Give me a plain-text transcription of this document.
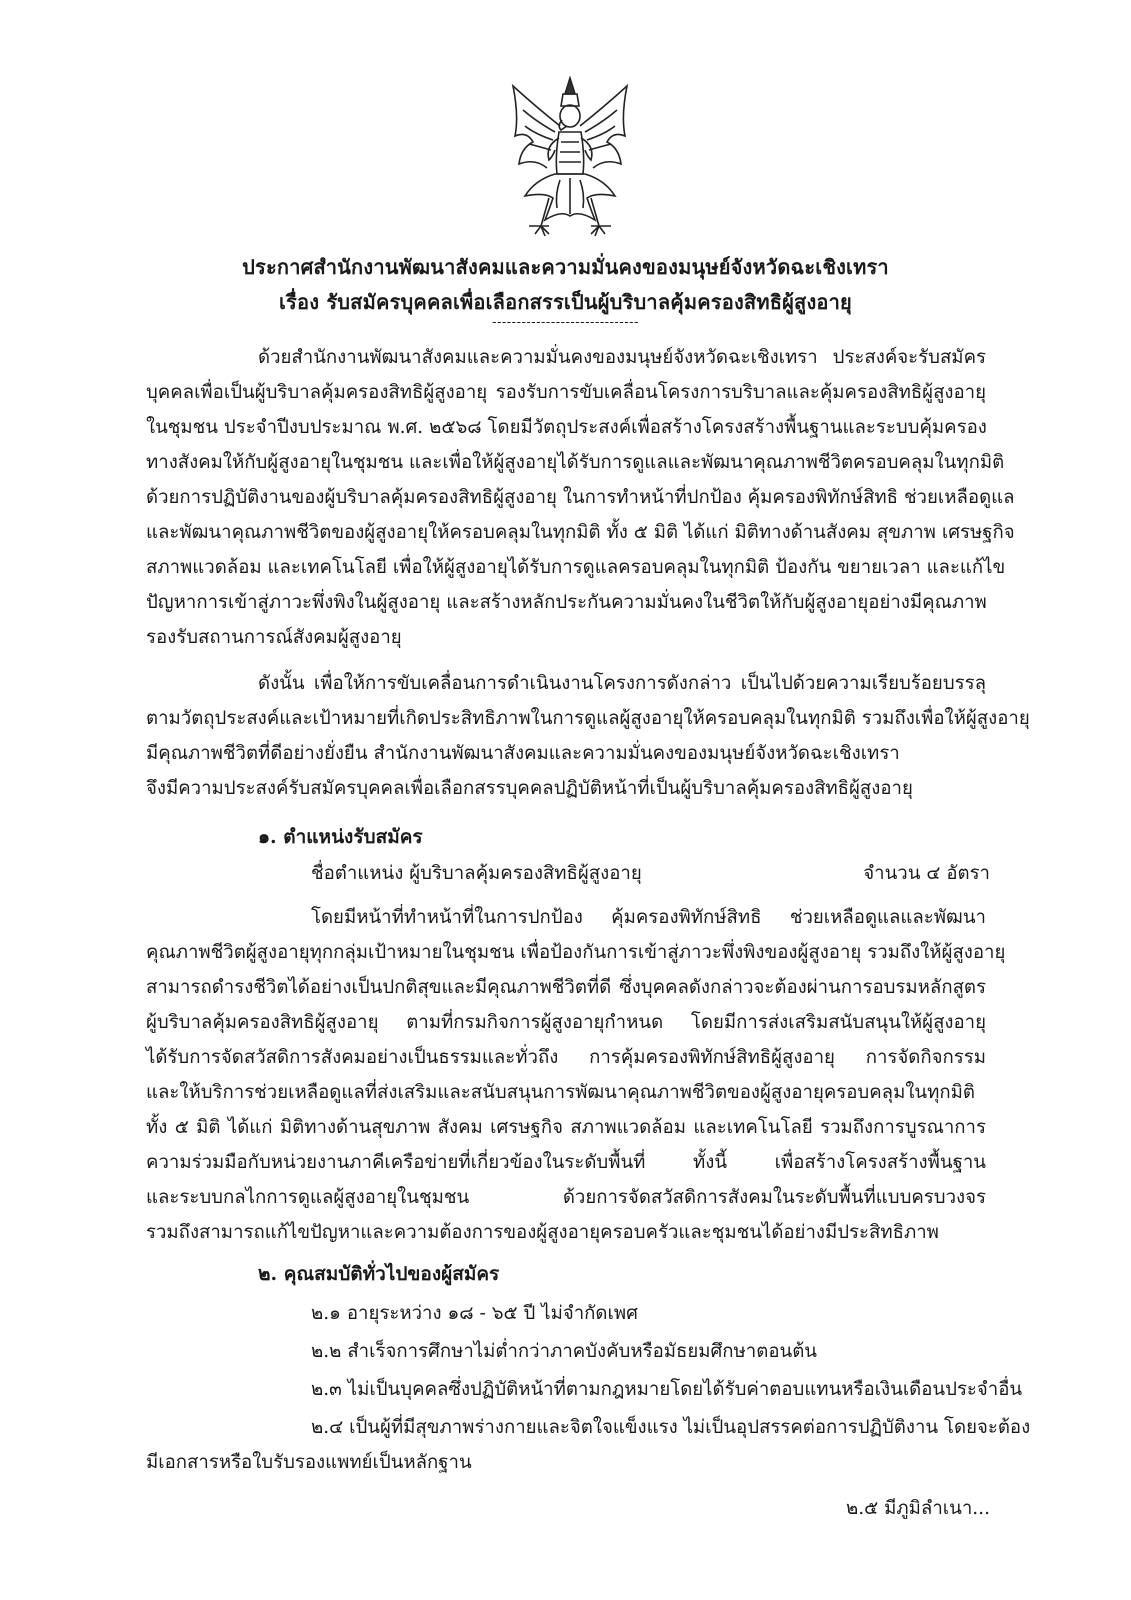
ประกาศสำนักงานพัฒนาสังคมและความมั่นคงของมนุษย์จังหวัดฉะเชิงเทรา
เรื่อง รับสมัครบุคคลเพื่อเลือกสรรเป็นผู้บริบาลคุ้มครองสิทธิผู้สูงอายุ
------------------------------
ด้วยสำนักงานพัฒนาสังคมและความมั่นคงของมนุษย์จังหวัดฉะเชิงเทรา ประสงค์จะรับสมัคร
บุคคลเพื่อเป็นผู้บริบาลคุ้มครองสิทธิผู้สูงอายุ รองรับการขับเคลื่อนโครงการบริบาลและคุ้มครองสิทธิผู้สูงอายุ
ในชุมชน ประจำปีงบประมาณ พ.ศ. ๒๕๖๘ โดยมีวัตถุประสงค์เพื่อสร้างโครงสร้างพื้นฐานและระบบคุ้มครอง
ทางสังคมให้กับผู้สูงอายุในชุมชน และเพื่อให้ผู้สูงอายุได้รับการดูแลและพัฒนาคุณภาพชีวิตครอบคลุมในทุกมิติ
ด้วยการปฏิบัติงานของผู้บริบาลคุ้มครองสิทธิผู้สูงอายุ ในการทำหน้าที่ปกป้อง คุ้มครองพิทักษ์สิทธิ ช่วยเหลือดูแล
และพัฒนาคุณภาพชีวิตของผู้สูงอายุให้ครอบคลุมในทุกมิติ ทั้ง ๕ มิติ ได้แก่ มิติทางด้านสังคม สุขภาพ เศรษฐกิจ
สภาพแวดล้อม และเทคโนโลยี เพื่อให้ผู้สูงอายุได้รับการดูแลครอบคลุมในทุกมิติ ป้องกัน ขยายเวลา และแก้ไข
ปัญหาการเข้าสู่ภาวะพึ่งพิงในผู้สูงอายุ และสร้างหลักประกันความมั่นคงในชีวิตให้กับผู้สูงอายุอย่างมีคุณภาพ
รองรับสถานการณ์สังคมผู้สูงอายุ
ดังนั้น เพื่อให้การขับเคลื่อนการดำเนินงานโครงการดังกล่าว เป็นไปด้วยความเรียบร้อยบรรลุ
ตามวัตถุประสงค์และเป้าหมายที่เกิดประสิทธิภาพในการดูแลผู้สูงอายุให้ครอบคลุมในทุกมิติ รวมถึงเพื่อให้ผู้สูงอายุ
มีคุณภาพชีวิตที่ดีอย่างยั่งยืน สำนักงานพัฒนาสังคมและความมั่นคงของมนุษย์จังหวัดฉะเชิงเทรา
จึงมีความประสงค์รับสมัครบุคคลเพื่อเลือกสรรบุคคลปฏิบัติหน้าที่เป็นผู้บริบาลคุ้มครองสิทธิผู้สูงอายุ
๑. ตำแหน่งรับสมัคร
ชื่อตำแหน่ง ผู้บริบาลคุ้มครองสิทธิผู้สูงอายุ	จำนวน ๔ อัตรา
โดยมีหน้าที่ทำหน้าที่ในการปกป้อง คุ้มครองพิทักษ์สิทธิ ช่วยเหลือดูแลและพัฒนา
คุณภาพชีวิตผู้สูงอายุทุกกลุ่มเป้าหมายในชุมชน เพื่อป้องกันการเข้าสู่ภาวะพึ่งพิงของผู้สูงอายุ รวมถึงให้ผู้สูงอายุ
สามารถดำรงชีวิตได้อย่างเป็นปกติสุขและมีคุณภาพชีวิตที่ดี ซึ่งบุคคลดังกล่าวจะต้องผ่านการอบรมหลักสูตร
ผู้บริบาลคุ้มครองสิทธิผู้สูงอายุ ตามที่กรมกิจการผู้สูงอายุกำหนด โดยมีการส่งเสริมสนับสนุนให้ผู้สูงอายุ
ได้รับการจัดสวัสดิการสังคมอย่างเป็นธรรมและทั่วถึง การคุ้มครองพิทักษ์สิทธิผู้สูงอายุ การจัดกิจกรรม
และให้บริการช่วยเหลือดูแลที่ส่งเสริมและสนับสนุนการพัฒนาคุณภาพชีวิตของผู้สูงอายุครอบคลุมในทุกมิติ
ทั้ง ๕ มิติ ได้แก่ มิติทางด้านสุขภาพ สังคม เศรษฐกิจ สภาพแวดล้อม และเทคโนโลยี รวมถึงการบูรณาการ
ความร่วมมือกับหน่วยงานภาคีเครือข่ายที่เกี่ยวข้องในระดับพื้นที่ ทั้งนี้ เพื่อสร้างโครงสร้างพื้นฐาน
และระบบกลไกการดูแลผู้สูงอายุในชุมชน ด้วยการจัดสวัสดิการสังคมในระดับพื้นที่แบบครบวงจร
รวมถึงสามารถแก้ไขปัญหาและความต้องการของผู้สูงอายุครอบครัวและชุมชนได้อย่างมีประสิทธิภาพ
๒. คุณสมบัติทั่วไปของผู้สมัคร
๒.๑ อายุระหว่าง ๑๘ - ๖๕ ปี ไม่จำกัดเพศ
๒.๒ สำเร็จการศึกษาไม่ต่ำกว่าภาคบังคับหรือมัธยมศึกษาตอนต้น
๒.๓ ไม่เป็นบุคคลซึ่งปฏิบัติหน้าที่ตามกฎหมายโดยได้รับค่าตอบแทนหรือเงินเดือนประจำอื่น
๒.๔ เป็นผู้ที่มีสุขภาพร่างกายและจิตใจแข็งแรง ไม่เป็นอุปสรรคต่อการปฏิบัติงาน โดยจะต้อง
มีเอกสารหรือใบรับรองแพทย์เป็นหลักฐาน
๒.๕ มีภูมิลำเนา...
